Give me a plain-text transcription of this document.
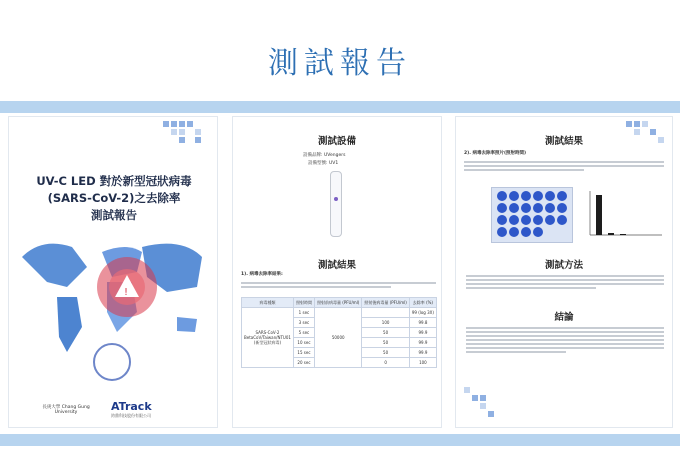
測試報告
UV-C LED 對於新型冠狀病毒
(SARS-CoV-2)之去除率
測試報告
!
長庚大學 Chang Gung University	ATrack
鈞鼎科技股份有限公司
測試設備
設備品牌: UVengers
設備型號: UV1
測試結果
1). 病毒去除率結果:
病毒種類	照射時間	照射前病毒量 (PFU/ml)	照射後病毒量 (PFU/ml)	去除率 (%)
SARS-CoV-2 BetaCoV/Taiwan/NTU01 (新型冠狀病毒)	1 sec	50000		99 (log 3X)
	3 sec		100	99.8
	5 sec		50	99.9
	10 sec		50	99.9
	15 sec		50	99.9
	20 sec		0	100
測試結果
2). 病毒去除率照片(照射時間)
測試方法
結論
